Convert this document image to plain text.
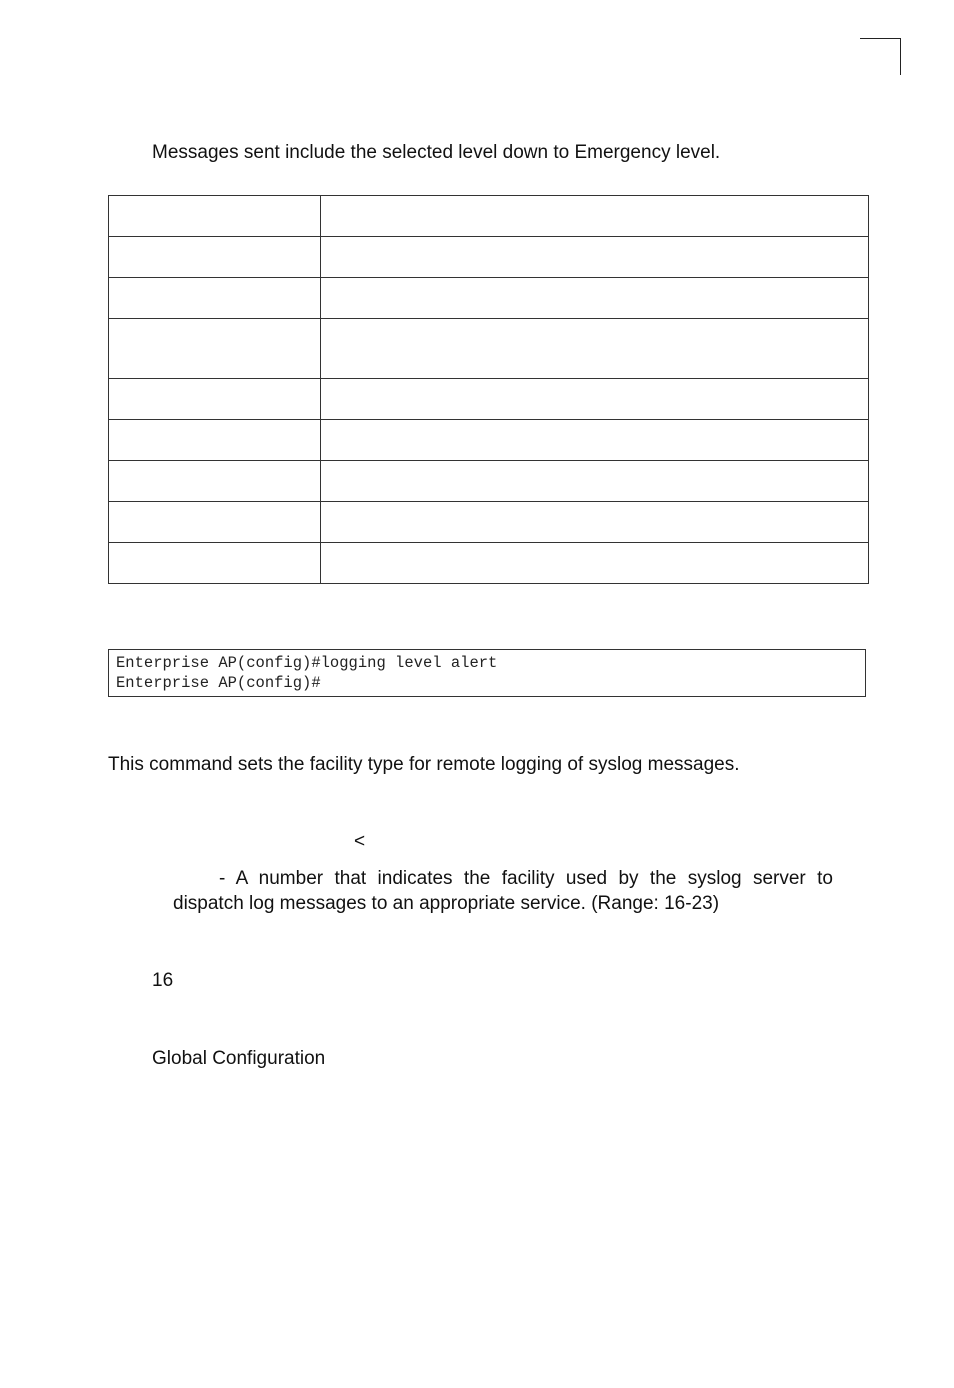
Messages sent include the selected level down to Emergency level.

Enterprise AP(config)#logging level alert
Enterprise AP(config)#
This command sets the facility type for remote logging of syslog messages.
<
- A number that indicates the facility used by the syslog server to
dispatch log messages to an appropriate service. (Range: 16-23)
16
Global Configuration
